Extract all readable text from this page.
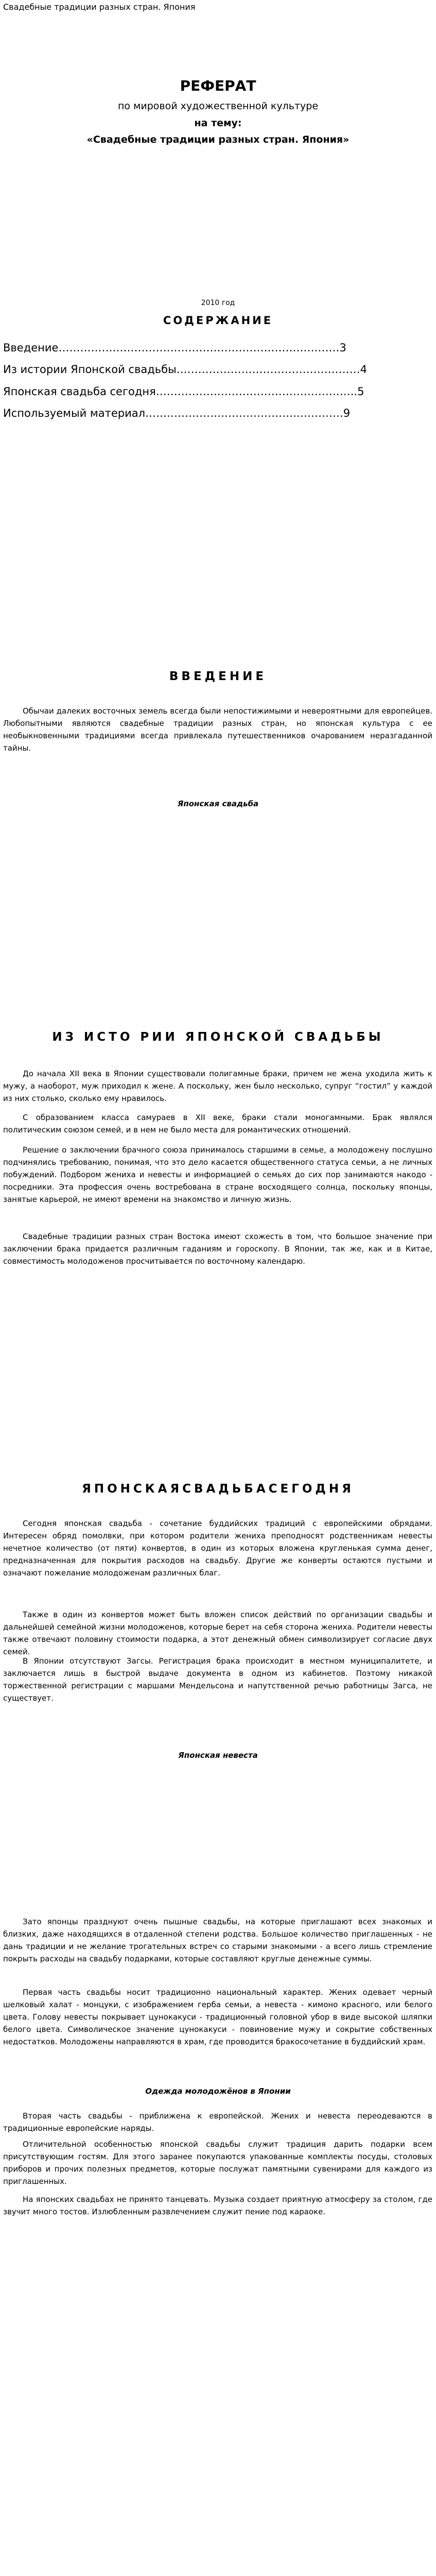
Свадебные традиции разных стран. Япония
РЕФЕРАТ
по мировой художественной культуре
на тему:
«Свадебные традиции разных стран. Япония»
2010 год
СОДЕРЖАНИЕ
Введение……………………………………………………………………3
Из истории Японской свадьбы……………………………………………4
Японская свадьба сегодня………………………………………………..5
Используемый материал……………………………………………….9
ВВЕДЕНИЕ
Обычаи далеких восточных земель всегда были непостижимыми и невероятными для европейцев. Любопытными являются свадебные традиции разных стран, но японская культура с ее необыкновенными традициями всегда привлекала путешественников очарованием неразгаданной тайны.
Японская свадьба
ИЗ ИСТО РИИ ЯПОНСКОЙ СВАДЬБЫ
До начала XII века в Японии существовали полигамные браки, причем не жена уходила жить к мужу, а наоборот, муж приходил к жене. А поскольку, жен было несколько, супруг “гостил” у каждой из них столько, сколько ему нравилось.
С образованием класса самураев в XII веке, браки стали моногамными. Брак являлся политическим союзом семей, и в нем не было места для романтических отношений.
Решение о заключении брачного союза принималось старшими в семье, а молодожену послушно подчинялись требованию, понимая, что это дело касается общественного статуса семьи, а не личных побуждений. Подбором жениха и невесты и информацией о семьях до сих пор занимаются накодо - посредники. Эта профессия очень востребована в стране восходящего солнца, поскольку японцы, занятые карьерой, не имеют времени на знакомство и личную жизнь.
Свадебные традиции разных стран Востока имеют схожесть в том, что большое значение при заключении брака придается различным гаданиям и гороскопу. В Японии, так же, как и в Китае, совместимость молодоженов просчитывается по восточному календарю.
ЯПОНСКАЯСВАДЬБАСЕГОДНЯ
Сегодня японская свадьба - сочетание буддийских традиций с европейскими обрядами. Интересен обряд помолвки, при котором родители жениха преподносят родственникам невесты нечетное количество (от пяти) конвертов, в один из которых вложена кругленькая сумма денег, предназначенная для покрытия расходов на свадьбу. Другие же конверты остаются пустыми и означают пожелание молодоженам различных благ.
Также в один из конвертов может быть вложен список действий по организации свадьбы и дальнейшей семейной жизни молодоженов, которые берет на себя сторона жениха. Родители невесты также отвечают половину стоимости подарка, а этот денежный обмен символизирует согласие двух семей.
В Японии отсутствуют Загсы. Регистрация брака происходит в местном муниципалитете, и заключается лишь в быстрой выдаче документа в одном из кабинетов. Поэтому никакой торжественной регистрации с маршами Мендельсона и напутственной речью работницы Загса, не существует.
Японская невеста
Зато японцы празднуют очень пышные свадьбы, на которые приглашают всех знакомых и близких, даже находящихся в отдаленной степени родства. Большое количество приглашенных - не дань традиции и не желание трогательных встреч со старыми знакомыми - а всего лишь стремление покрыть расходы на свадьбу подарками, которые составляют круглые денежные суммы.
Первая часть свадьбы носит традиционно национальный характер. Жених одевает черный шелковый халат - монцуки, с изображением герба семьи, а невеста - кимоно красного, или белого цвета. Голову невесты покрывает цунокакуси - традиционный головной убор в виде высокой шляпки белого цвета. Символическое значение цунокакуси - повиновение мужу и сокрытие собственных недостатков. Молодожены направляются в храм, где проводится бракосочетание в буддийский храм.
Одежда молодожёнов в Японии
Вторая часть свадьбы - приближена к европейской. Жених и невеста переодеваются в традиционные европейские наряды.
Отличительной особенностью японской свадьбы служит традиция дарить подарки всем присутствующим гостям. Для этого заранее покупаются упакованные комплекты посуды, столовых приборов и прочих полезных предметов, которые послужат памятными сувенирами для каждого из приглашенных.
На японских свадьбах не принято танцевать. Музыка создает приятную атмосферу за столом, где звучит много тостов. Излюбленным развлечением служит пение под караоке.
